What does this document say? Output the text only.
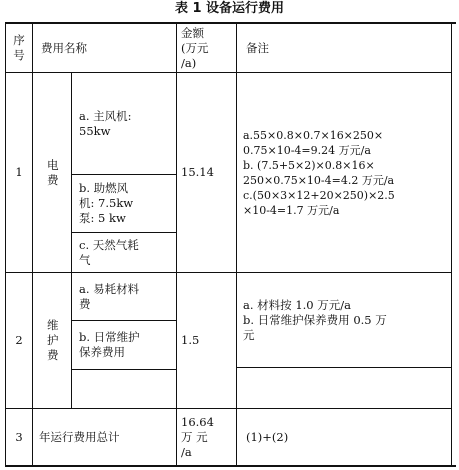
表 1 设备运行费用
序
号
费用名称
金额
(万元
/a)
备注
1
电
费
a. 主风机:
55kw
b. 助燃风
机: 7.5kw
泵: 5 kw
c. 天然气耗
气
15.14
a.55×0.8×0.7×16×250×
0.75×10-4=9.24 万元/a
b. (7.5+5×2)×0.8×16×
250×0.75×10-4=4.2 万元/a
c.(50×3×12+20×250)×2.5
×10-4=1.7 万元/a
2
维
护
费
a. 易耗材料
费
b. 日常维护
保养费用
1.5
a. 材料按 1.0 万元/a
b. 日常维护保养费用 0.5 万
元
3 年运行费用总计
16.64
万 元
/a
(1)+(2)
